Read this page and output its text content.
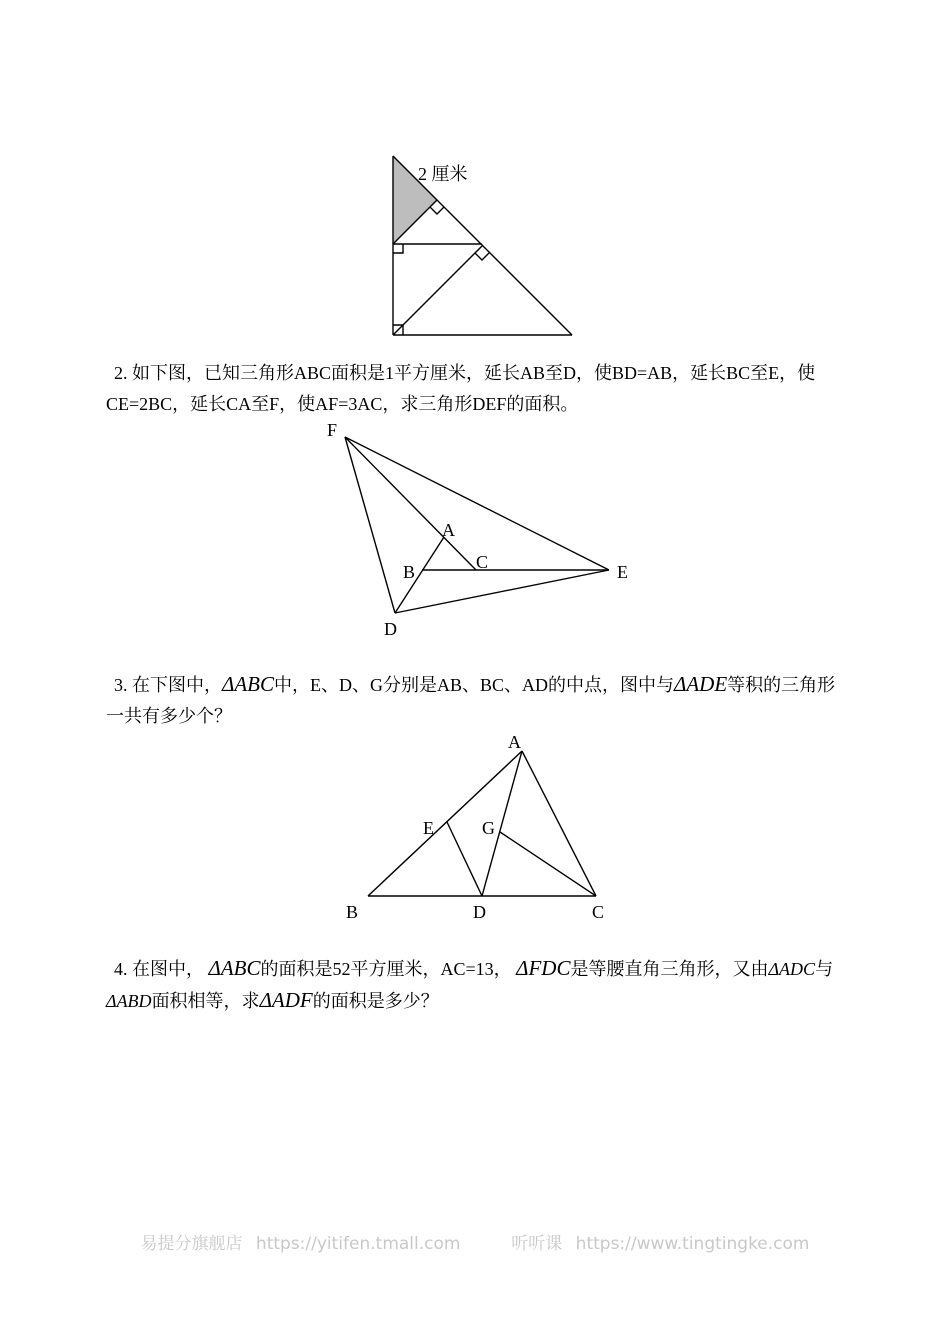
2 厘米

2. 如下图，已知三角形ABC面积是1平方厘米，延长AB至D，使BD=AB，延长BC至E，使CE=2BC，延长CA至F，使AF=3AC，求三角形DEF的面积。

F
A
B	C	E
D

3. 在下图中，ΔABC中，E、D、G分别是AB、BC、AD的中点，图中与ΔADE等积的三角形一共有多少个？

A
E	G
B	D	C

4. 在图中， ΔABC的面积是52平方厘米，AC=13， ΔFDC是等腰直角三角形，又由ΔADC与ΔABD面积相等，求ΔADF的面积是多少？

易提分旗舰店 https://yitifen.tmall.com	听听课 https://www.tingtingke.com
